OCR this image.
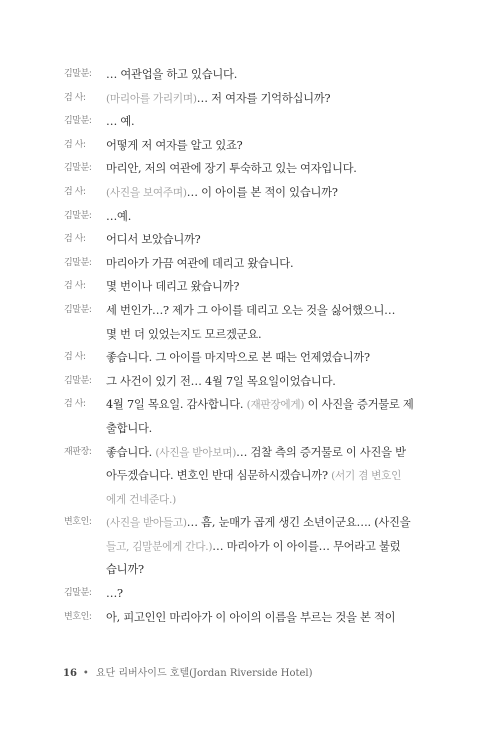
김말분:	… 여관업을 하고 있습니다.
검 사:	(마리아를 가리키며)… 저 여자를 기억하십니까?
김말분:	… 예.
검 사:	어떻게 저 여자를 알고 있죠?
김말분:	마리안, 저의 여관에 장기 투숙하고 있는 여자입니다.
검 사:	(사진을 보여주며)… 이 아이를 본 적이 있습니까?
김말분:	…예.
검 사:	어디서 보았습니까?
김말분:	마리아가 가끔 여관에 데리고 왔습니다.
검 사:	몇 번이나 데리고 왔습니까?
김말분:	세 번인가…? 제가 그 아이를 데리고 오는 것을 싫어했으니…
몇 번 더 있었는지도 모르겠군요.
검 사:	좋습니다. 그 아이를 마지막으로 본 때는 언제였습니까?
김말분:	그 사건이 있기 전… 4월 7일 목요일이었습니다.
검 사:	4월 7일 목요일. 감사합니다. (재판장에게) 이 사진을 증거물로 제
출합니다.
재판장:	좋습니다. (사진을 받아보며)… 검찰 측의 증거물로 이 사진을 받
아두겠습니다. 변호인 반대 심문하시겠습니까? (서기 겸 변호인
에게 건네준다.)
변호인:	(사진을 받아들고)… 흠, 눈매가 곱게 생긴 소년이군요…. (사진을
들고, 김말분에게 간다.)… 마리아가 이 아이를… 무어라고 불렀
습니까?
김말분:	…?
변호인:	아, 피고인인 마리아가 이 아이의 이름을 부르는 것을 본 적이
16 • 요단 리버사이드 호텔(Jordan Riverside Hotel)
